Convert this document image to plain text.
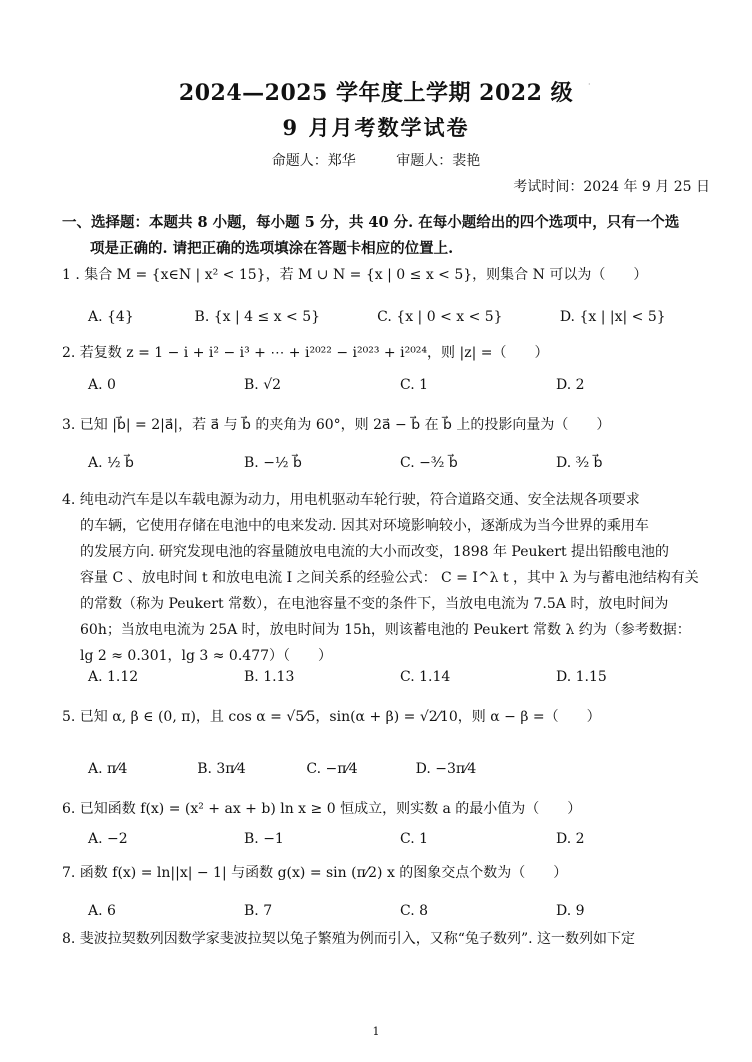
·
2024—2025 学年度上学期 2022 级
9 月月考数学试卷
命题人：郑华	审题人：裴艳
考试时间：2024 年 9 月 25 日
一、选择题：本题共 8 小题，每小题 5 分，共 40 分. 在每小题给出的四个选项中，只有一个选
项是正确的. 请把正确的选项填涂在答题卡相应的位置上.
1 . 集合 M = {x∈N | x² < 15}，若 M ∪ N = {x | 0 ≤ x < 5}，则集合 N 可以为（　　）
A. {4}	B. {x | 4 ≤ x < 5}	C. {x | 0 < x < 5}	D. {x | |x| < 5}
2. 若复数 z = 1 − i + i² − i³ + ⋯ + i²⁰²² − i²⁰²³ + i²⁰²⁴，则 |z| =（　　）
A. 0	B. √2	C. 1	D. 2
3. 已知 |b⃗| = 2|a⃗|，若 a⃗ 与 b⃗ 的夹角为 60°，则 2a⃗ − b⃗ 在 b⃗ 上的投影向量为（　　）
A. ½ b⃗	B. −½ b⃗	C. −³⁄₂ b⃗	D. ³⁄₂ b⃗
4. 纯电动汽车是以车载电源为动力，用电机驱动车轮行驶，符合道路交通、安全法规各项要求
的车辆，它使用存储在电池中的电来发动. 因其对环境影响较小，逐渐成为当今世界的乘用车
的发展方向. 研究发现电池的容量随放电电流的大小而改变，1898 年 Peukert 提出铅酸电池的
容量 C 、放电时间 t 和放电电流 I 之间关系的经验公式： C = I^λ t ，其中 λ 为与蓄电池结构有关
的常数（称为 Peukert 常数），在电池容量不变的条件下，当放电电流为 7.5A 时，放电时间为
60h；当放电电流为 25A 时，放电时间为 15h，则该蓄电池的 Peukert 常数 λ 约为（参考数据：
lg 2 ≈ 0.301，lg 3 ≈ 0.477）（　　）
A. 1.12	B. 1.13	C. 1.14	D. 1.15
5. 已知 α, β ∈ (0, π)，且 cos α = √5⁄5，sin(α + β) = √2⁄10，则 α − β =（　　）
A. π⁄4	B. 3π⁄4	C. −π⁄4	D. −3π⁄4
6. 已知函数 f(x) = (x² + ax + b) ln x ≥ 0 恒成立，则实数 a 的最小值为（　　）
A. −2	B. −1	C. 1	D. 2
7. 函数 f(x) = ln||x| − 1| 与函数 g(x) = sin (π⁄2) x 的图象交点个数为（　　）
A. 6	B. 7	C. 8	D. 9
8. 斐波拉契数列因数学家斐波拉契以兔子繁殖为例而引入，又称“兔子数列”. 这一数列如下定
1
